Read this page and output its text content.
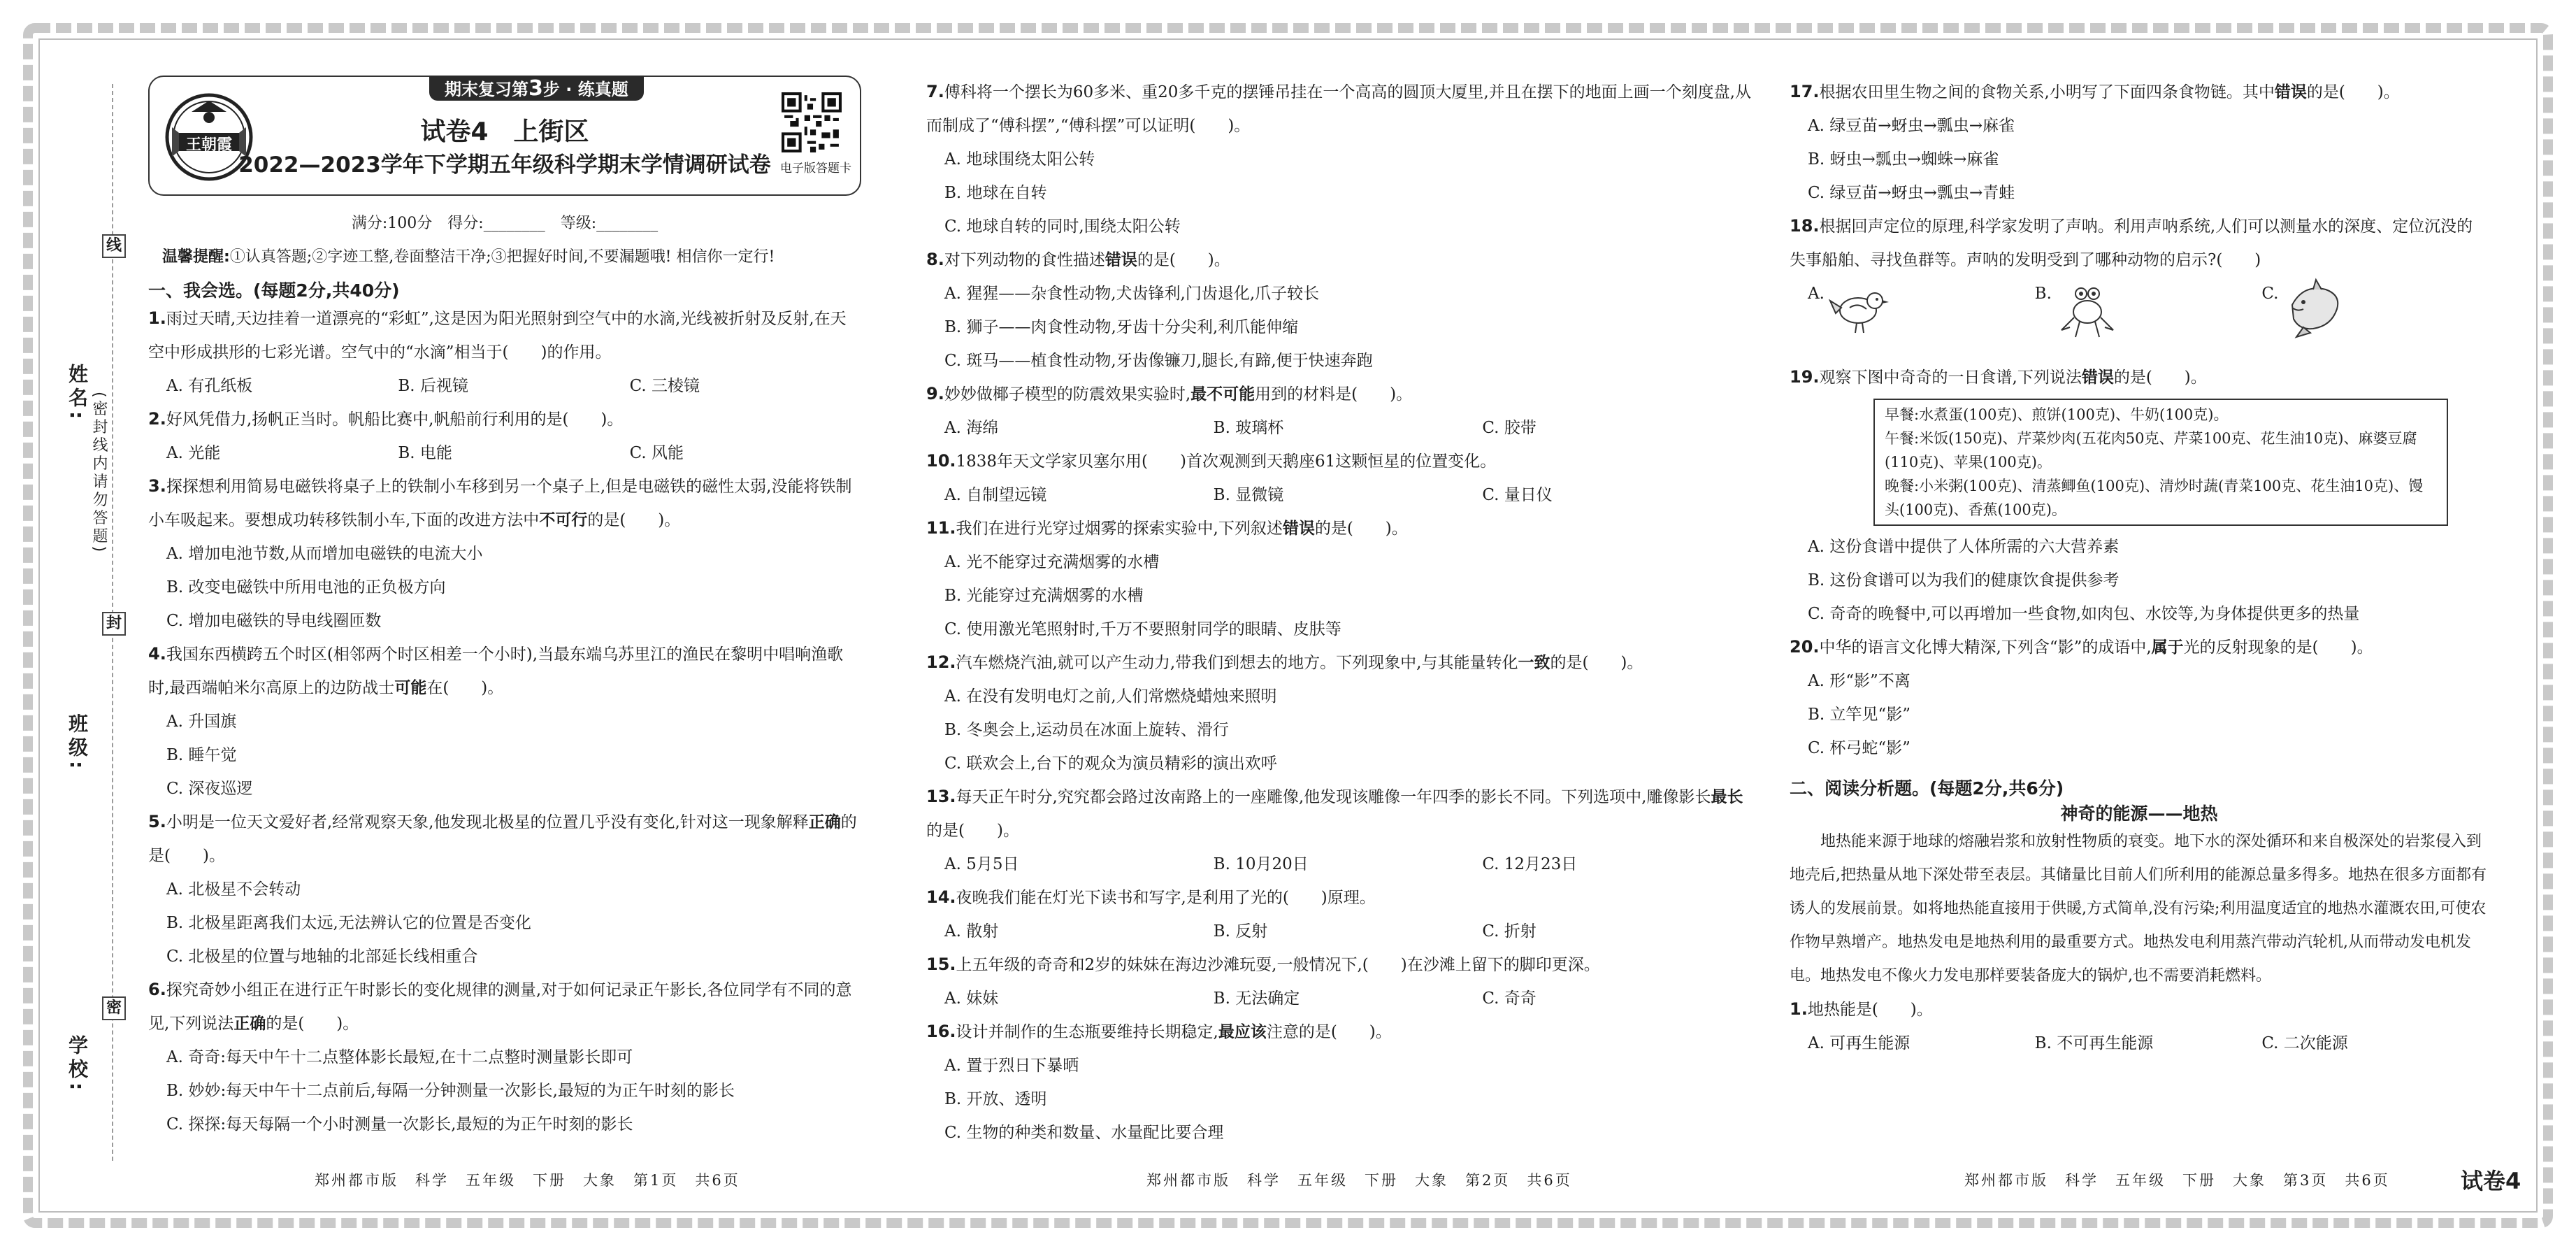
线
封
密
姓名: (密封线内请勿答题)
班级:
学校:
期末复习第3步 · 练真题
王朝霞	试卷4　上街区
2022—2023学年下学期五年级科学期末学情调研试卷 电子版答题卡

满分:100分　得分:________　等级:________

温馨提醒:①认真答题;②字迹工整,卷面整洁干净;③把握好时间,不要漏题哦! 相信你一定行!

一、我会选。(每题2分,共40分)

1.雨过天晴,天边挂着一道漂亮的“彩虹”,这是因为阳光照射到空气中的水滴,光线被折射及反射,在天空中形成拱形的七彩光谱。空气中的“水滴”相当于(　　)的作用。

A. 有孔纸板	B. 后视镜	C. 三棱镜

2.好风凭借力,扬帆正当时。帆船比赛中,帆船前行利用的是(　　)。

A. 光能	B. 电能	C. 风能

3.探探想利用简易电磁铁将桌子上的铁制小车移到另一个桌子上,但是电磁铁的磁性太弱,没能将铁制小车吸起来。要想成功转移铁制小车,下面的改进方法中不可行的是(　　)。

A. 增加电池节数,从而增加电磁铁的电流大小

B. 改变电磁铁中所用电池的正负极方向

C. 增加电磁铁的导电线圈匝数

4.我国东西横跨五个时区(相邻两个时区相差一个小时),当最东端乌苏里江的渔民在黎明中唱响渔歌时,最西端帕米尔高原上的边防战士可能在(　　)。

A. 升国旗

B. 睡午觉

C. 深夜巡逻

5.小明是一位天文爱好者,经常观察天象,他发现北极星的位置几乎没有变化,针对这一现象解释正确的是(　　)。

A. 北极星不会转动

B. 北极星距离我们太远,无法辨认它的位置是否变化

C. 北极星的位置与地轴的北部延长线相重合

6.探究奇妙小组正在进行正午时影长的变化规律的测量,对于如何记录正午影长,各位同学有不同的意见,下列说法正确的是(　　)。

A. 奇奇:每天中午十二点整体影长最短,在十二点整时测量影长即可

B. 妙妙:每天中午十二点前后,每隔一分钟测量一次影长,最短的为正午时刻的影长

C. 探探:每天每隔一个小时测量一次影长,最短的为正午时刻的影长

7.傅科将一个摆长为60多米、重20多千克的摆锤吊挂在一个高高的圆顶大厦里,并且在摆下的地面上画一个刻度盘,从而制成了“傅科摆”,“傅科摆”可以证明(　　)。

A. 地球围绕太阳公转

B. 地球在自转

C. 地球自转的同时,围绕太阳公转

8.对下列动物的食性描述错误的是(　　)。

A. 猩猩——杂食性动物,犬齿锋利,门齿退化,爪子较长

B. 狮子——肉食性动物,牙齿十分尖利,利爪能伸缩

C. 斑马——植食性动物,牙齿像镰刀,腿长,有蹄,便于快速奔跑

9.妙妙做椰子模型的防震效果实验时,最不可能用到的材料是(　　)。

A. 海绵	B. 玻璃杯	C. 胶带

10.1838年天文学家贝塞尔用(　　)首次观测到天鹅座61这颗恒星的位置变化。

A. 自制望远镜	B. 显微镜	C. 量日仪

11.我们在进行光穿过烟雾的探索实验中,下列叙述错误的是(　　)。

A. 光不能穿过充满烟雾的水槽

B. 光能穿过充满烟雾的水槽

C. 使用激光笔照射时,千万不要照射同学的眼睛、皮肤等

12.汽车燃烧汽油,就可以产生动力,带我们到想去的地方。下列现象中,与其能量转化一致的是(　　)。

A. 在没有发明电灯之前,人们常燃烧蜡烛来照明

B. 冬奥会上,运动员在冰面上旋转、滑行

C. 联欢会上,台下的观众为演员精彩的演出欢呼

13.每天正午时分,究究都会路过汝南路上的一座雕像,他发现该雕像一年四季的影长不同。下列选项中,雕像影长最长的是(　　)。

A. 5月5日	B. 10月20日	C. 12月23日

14.夜晚我们能在灯光下读书和写字,是利用了光的(　　)原理。

A. 散射	B. 反射	C. 折射

15.上五年级的奇奇和2岁的妹妹在海边沙滩玩耍,一般情况下,(　　)在沙滩上留下的脚印更深。

A. 妹妹	B. 无法确定	C. 奇奇

16.设计并制作的生态瓶要维持长期稳定,最应该注意的是(　　)。

A. 置于烈日下暴晒

B. 开放、透明

C. 生物的种类和数量、水量配比要合理

17.根据农田里生物之间的食物关系,小明写了下面四条食物链。其中错误的是(　　)。

A. 绿豆苗→蚜虫→瓢虫→麻雀

B. 蚜虫→瓢虫→蜘蛛→麻雀

C. 绿豆苗→蚜虫→瓢虫→青蛙

18.根据回声定位的原理,科学家发明了声呐。利用声呐系统,人们可以测量水的深度、定位沉没的失事船舶、寻找鱼群等。声呐的发明受到了哪种动物的启示?(　　)

A.	B.	C.

19.观察下图中奇奇的一日食谱,下列说法错误的是(　　)。

早餐:水煮蛋(100克)、煎饼(100克)、牛奶(100克)。
午餐:米饭(150克)、芹菜炒肉(五花肉50克、芹菜100克、花生油10克)、麻婆豆腐(110克)、苹果(100克)。
晚餐:小米粥(100克)、清蒸鲫鱼(100克)、清炒时蔬(青菜100克、花生油10克)、馒头(100克)、香蕉(100克)。

A. 这份食谱中提供了人体所需的六大营养素

B. 这份食谱可以为我们的健康饮食提供参考

C. 奇奇的晚餐中,可以再增加一些食物,如肉包、水饺等,为身体提供更多的热量

20.中华的语言文化博大精深,下列含“影”的成语中,属于光的反射现象的是(　　)。

A. 形“影”不离

B. 立竿见“影”

C. 杯弓蛇“影”

二、阅读分析题。(每题2分,共6分)

神奇的能源——地热

地热能来源于地球的熔融岩浆和放射性物质的衰变。地下水的深处循环和来自极深处的岩浆侵入到地壳后,把热量从地下深处带至表层。其储量比目前人们所利用的能源总量多得多。地热在很多方面都有诱人的发展前景。如将地热能直接用于供暖,方式简单,没有污染;利用温度适宜的地热水灌溉农田,可使农作物早熟增产。地热发电是地热利用的最重要方式。地热发电利用蒸汽带动汽轮机,从而带动发电机发电。地热发电不像火力发电那样要装备庞大的锅炉,也不需要消耗燃料。

1.地热能是(　　)。

A. 可再生能源	B. 不可再生能源	C. 二次能源
郑州都市版　科学　五年级　下册　大象　第1页　共6页	郑州都市版　科学　五年级　下册　大象　第2页　共6页	郑州都市版　科学　五年级　下册　大象　第3页　共6页	试卷4
